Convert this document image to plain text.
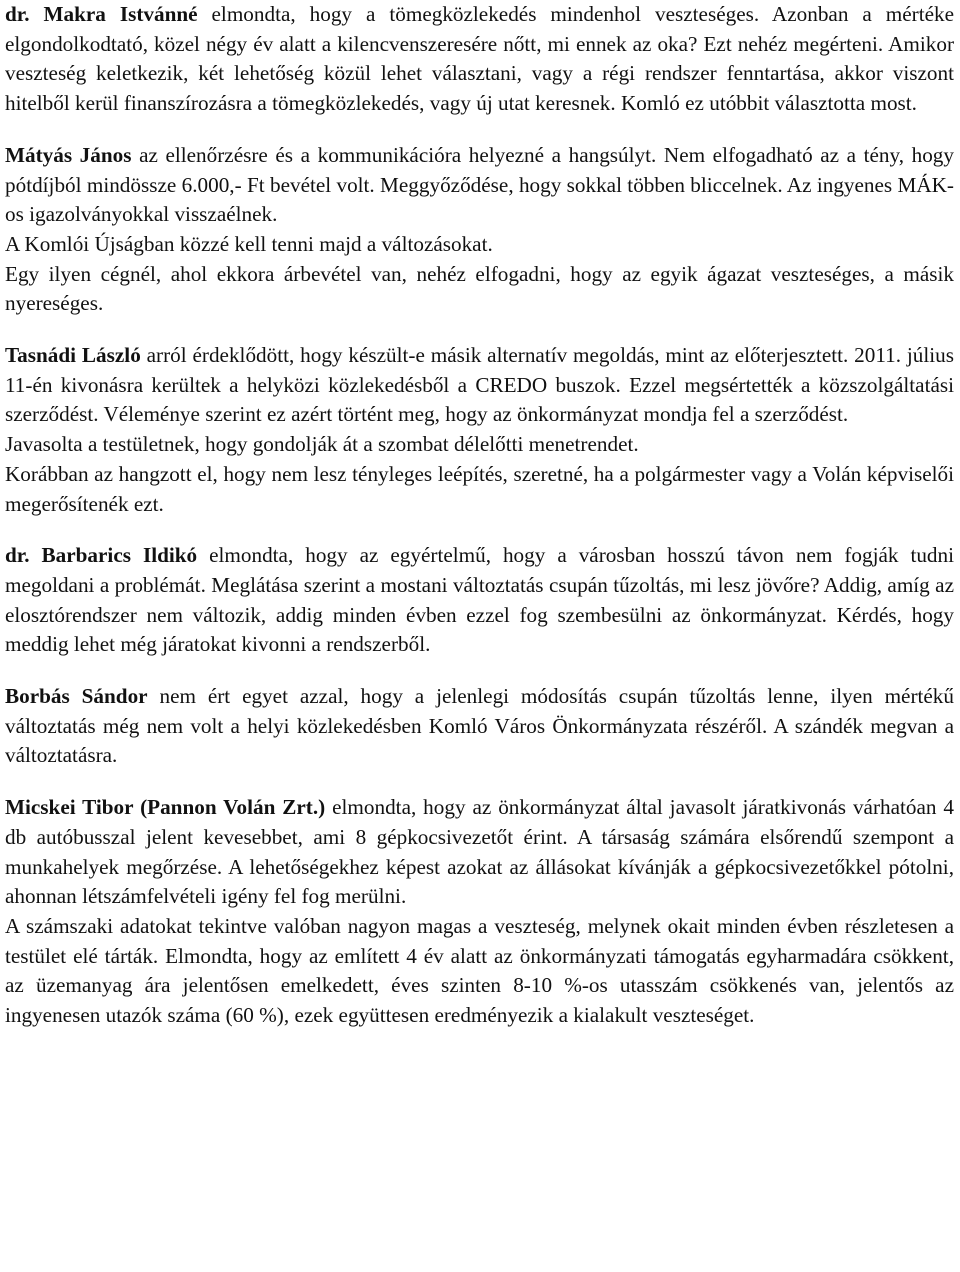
dr. Makra Istvánné elmondta, hogy a tömegközlekedés mindenhol veszteséges. Azonban a mértéke elgondolkodtató, közel négy év alatt a kilencvenszeresére nőtt, mi ennek az oka? Ezt nehéz megérteni. Amikor veszteség keletkezik, két lehetőség közül lehet választani, vagy a régi rendszer fenntartása, akkor viszont hitelből kerül finanszírozásra a tömegközlekedés, vagy új utat keresnek. Komló ez utóbbit választotta most.

Mátyás János az ellenőrzésre és a kommunikációra helyezné a hangsúlyt. Nem elfogadható az a tény, hogy pótdíjból mindössze 6.000,- Ft bevétel volt. Meggyőződése, hogy sokkal többen bliccelnek. Az ingyenes MÁK-os igazolványokkal visszaélnek.

A Komlói Újságban közzé kell tenni majd a változásokat.

Egy ilyen cégnél, ahol ekkora árbevétel van, nehéz elfogadni, hogy az egyik ágazat veszteséges, a másik nyereséges.

Tasnádi László arról érdeklődött, hogy készült-e másik alternatív megoldás, mint az előterjesztett. 2011. július 11-én kivonásra kerültek a helyközi közlekedésből a CREDO buszok. Ezzel megsértették a közszolgáltatási szerződést. Véleménye szerint ez azért történt meg, hogy az önkormányzat mondja fel a szerződést.

Javasolta a testületnek, hogy gondolják át a szombat délelőtti menetrendet.

Korábban az hangzott el, hogy nem lesz tényleges leépítés, szeretné, ha a polgármester vagy a Volán képviselői megerősítenék ezt.

dr. Barbarics Ildikó elmondta, hogy az egyértelmű, hogy a városban hosszú távon nem fogják tudni megoldani a problémát. Meglátása szerint a mostani változtatás csupán tűzoltás, mi lesz jövőre? Addig, amíg az elosztórendszer nem változik, addig minden évben ezzel fog szembesülni az önkormányzat. Kérdés, hogy meddig lehet még járatokat kivonni a rendszerből.

Borbás Sándor nem ért egyet azzal, hogy a jelenlegi módosítás csupán tűzoltás lenne, ilyen mértékű változtatás még nem volt a helyi közlekedésben Komló Város Önkormányzata részéről. A szándék megvan a változtatásra.

Micskei Tibor (Pannon Volán Zrt.) elmondta, hogy az önkormányzat által javasolt járatkivonás várhatóan 4 db autóbusszal jelent kevesebbet, ami 8 gépkocsivezetőt érint. A társaság számára elsőrendű szempont a munkahelyek megőrzése. A lehetőségekhez képest azokat az állásokat kívánják a gépkocsivezetőkkel pótolni, ahonnan létszámfelvételi igény fel fog merülni.

A számszaki adatokat tekintve valóban nagyon magas a veszteség, melynek okait minden évben részletesen a testület elé tárták. Elmondta, hogy az említett 4 év alatt az önkormányzati támogatás egyharmadára csökkent, az üzemanyag ára jelentősen emelkedett, éves szinten 8-10 %-os utasszám csökkenés van, jelentős az ingyenesen utazók száma (60 %), ezek együttesen eredményezik a kialakult veszteséget.
